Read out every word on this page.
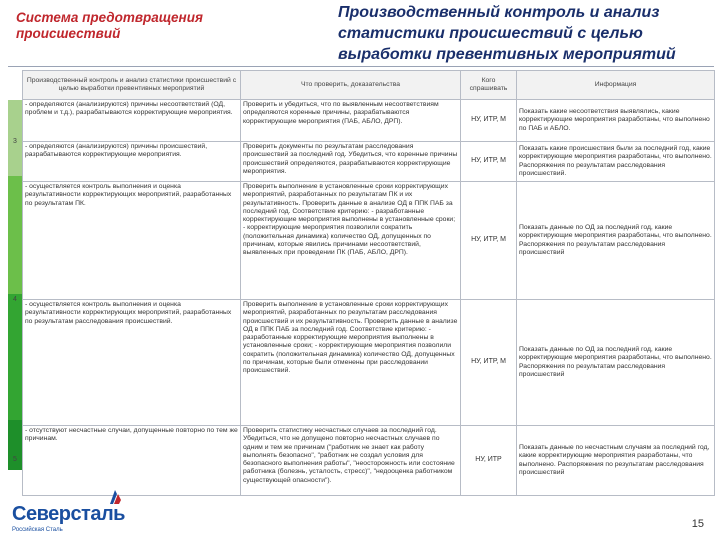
Система предотвращения происшествий
Производственный контроль и анализ статистики происшествий с целью выработки превентивных мероприятий
3
4
5
Производственный контроль и анализ статистики происшествий с целью выработки превентивных мероприятий	Что проверить, доказательства	Кого спрашивать	Информация
- определяются (анализируются) причины несоответствий (ОД, проблем и т.д.), разрабатываются корректирующие мероприятия.	Проверить и убедиться, что по выявленным несоответствиям определяются коренные причины, разрабатываются корректирующие мероприятия (ПАБ, АБЛО, ДРП).	НУ, ИТР, М	Показать какие несоответствия выявлялись, какие корректирующие мероприятия разработаны, что выполнено по ПАБ и АБЛО.
- определяются (анализируются) причины происшествий, разрабатываются корректирующие мероприятия.	Проверить документы по результатам расследования происшествий за последний год. Убедиться, что коренные причины происшествий определяются, разрабатываются корректирующие мероприятия.	НУ, ИТР, М	Показать какие происшествия были за последний год, какие корректирующие мероприятия разработаны, что выполнено. Распоряжения по результатам расследования происшествий.
- осуществляется контроль выполнения и оценка результативности корректирующих мероприятий, разработанных по результатам ПК.	Проверить выполнение в установленные сроки корректирующих мероприятий, разработанных по результатам ПК и их результативность. Проверить данные в анализе ОД в ППК ПАБ за последний год. Соответствие критерию: - разработанные корректирующие мероприятия выполнены в установленные сроки; - корректирующие мероприятия позволили сократить (положительная динамика) количество ОД, допущенных по причинам, которые явились причинами несоответствий, выявленных при проведении ПК (ПАБ, АБЛО, ДРП).	НУ, ИТР, М	Показать данные по ОД за последний год, какие корректирующие мероприятия разработаны, что выполнено. Распоряжения по результатам расследования происшествий
- осуществляется контроль выполнения и оценка результативности корректирующих мероприятий, разработанных по результатам расследования происшествий.	Проверить выполнение в установленные сроки корректирующих мероприятий, разработанных по результатам расследования происшествий и их результативность. Проверить данные в анализе ОД в ППК ПАБ за последний год. Соответствие критерию: - разработанные корректирующие мероприятия выполнены в установленные сроки; - корректирующие мероприятия позволили сократить (положительная динамика) количество ОД, допущенных по причинам, которые были отменены при расследовании происшествий.	НУ, ИТР, М	Показать данные по ОД за последний год, какие корректирующие мероприятия разработаны, что выполнено. Распоряжения по результатам расследования происшествий
- отсутствуют несчастные случаи, допущенные повторно по тем же причинам.	Проверить статистику несчастных случаев за последний год. Убедиться, что не допущено повторно несчастных случаев по одним и тем же причинам ("работник не знает как работу выполнять безопасно", "работник не создал условия для безопасного выполнения работы", "неосторожность или состояние работника (болезнь, усталость, стресс)", "недооценка работником существующей опасности").	НУ, ИТР	Показать данные по несчастным случаям за последний год, какие корректирующие мероприятия разработаны, что выполнено. Распоряжения по результатам расследования происшествий
Северсталь
Российская Сталь	15
